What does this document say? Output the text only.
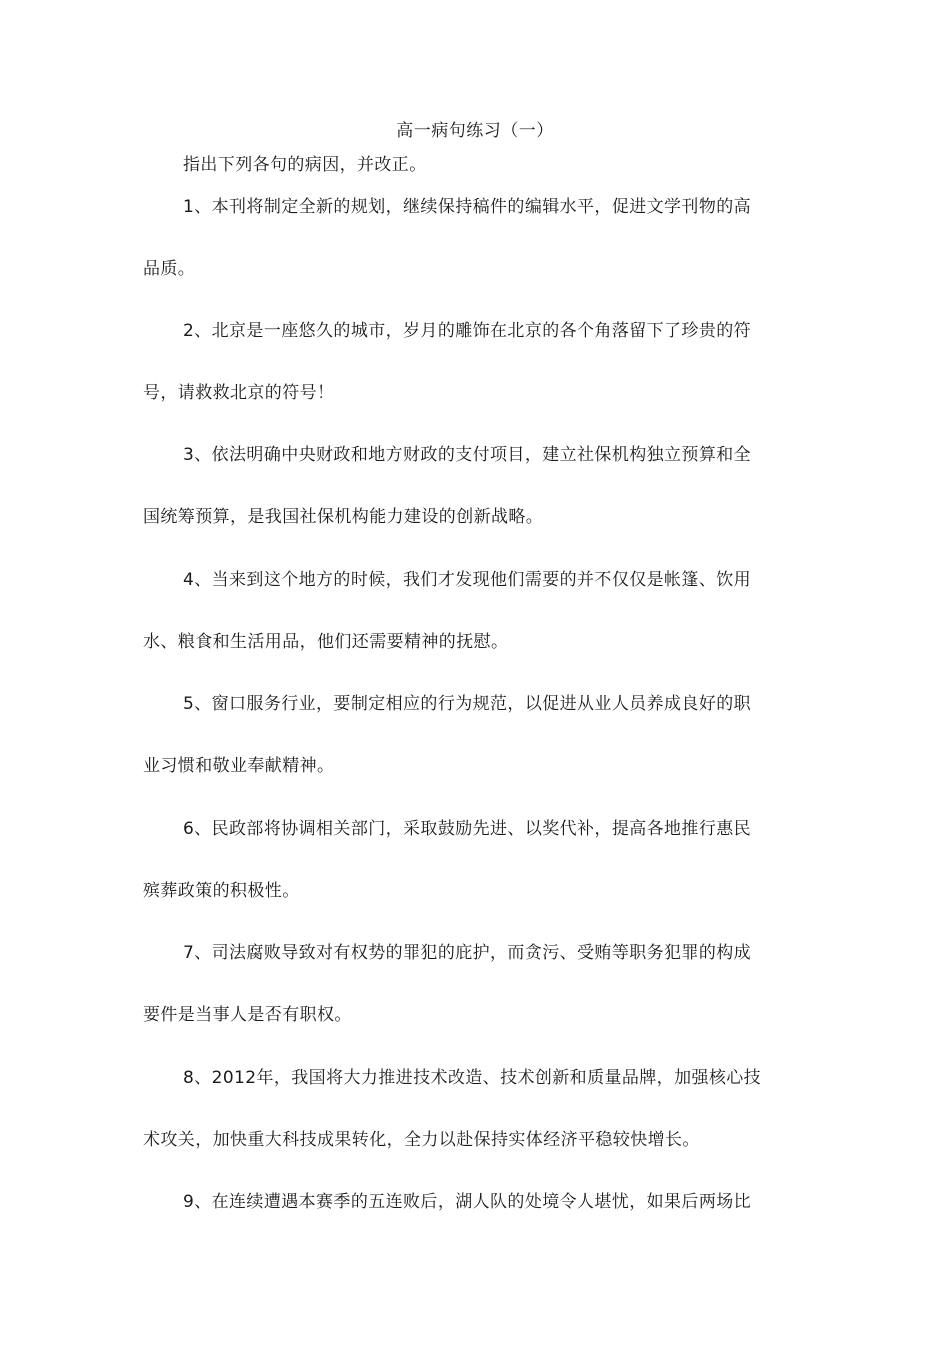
高一病句练习（一）
指出下列各句的病因，并改正。
1、本刊将制定全新的规划，继续保持稿件的编辑水平，促进文学刊物的高
品质。
2、北京是一座悠久的城市，岁月的雕饰在北京的各个角落留下了珍贵的符
号，请救救北京的符号！
3、依法明确中央财政和地方财政的支付项目，建立社保机构独立预算和全
国统筹预算，是我国社保机构能力建设的创新战略。
4、当来到这个地方的时候，我们才发现他们需要的并不仅仅是帐篷、饮用
水、粮食和生活用品，他们还需要精神的抚慰。
5、窗口服务行业，要制定相应的行为规范，以促进从业人员养成良好的职
业习惯和敬业奉献精神。
6、民政部将协调相关部门，采取鼓励先进、以奖代补，提高各地推行惠民
殡葬政策的积极性。
7、司法腐败导致对有权势的罪犯的庇护，而贪污、受贿等职务犯罪的构成
要件是当事人是否有职权。
8、2012年，我国将大力推进技术改造、技术创新和质量品牌，加强核心技
术攻关，加快重大科技成果转化，全力以赴保持实体经济平稳较快增长。
9、在连续遭遇本赛季的五连败后，湖人队的处境令人堪忧，如果后两场比
